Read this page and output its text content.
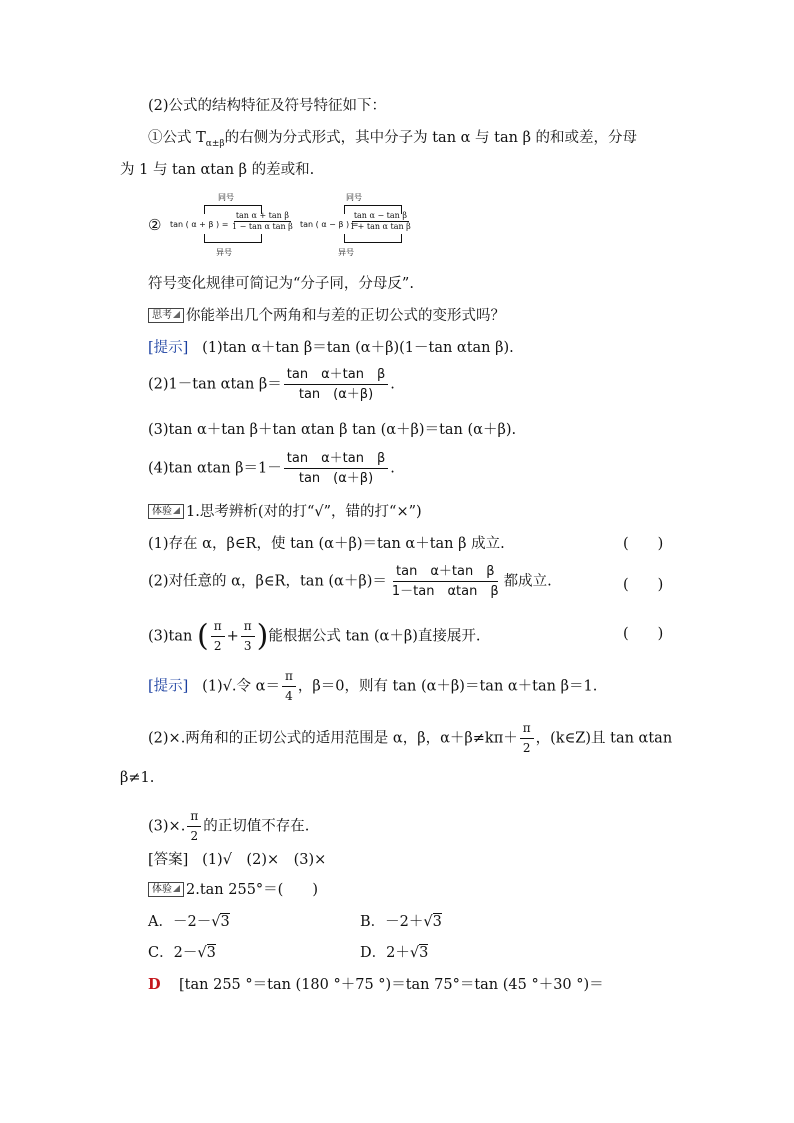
(2)公式的结构特征及符号特征如下：
①公式 $T_{\alpha\pm\beta}$的右侧为分式形式，其中分子为 tan α 与 tan β 的和或差，分母
为 1 与 tan αtan β 的差或和.
②
同号
异号
tan ( α + β ) = $\frac{\text{tan α + tan β}}{\text{1 − tan α tan β}}$
同号
异号
tan ( α − β ) =
$\frac{\text{tan α − tan β}}{\text{1 + tan α tan β}}$
符号变化规律可简记为“分子同，分母反”.
思考 你能举出几个两角和与差的正切公式的变形式吗？
[提示] (1)tan α＋tan β＝tan (α＋β)(1－tan αtan β).
(2)1－tan αtan $\beta= \frac{\text{tan　α＋tan　β}}{\tan (\alpha+\beta)}$ .
(3)tan α＋tan β＋tan αtan β tan (α＋β)＝tan (α＋β).
(4)tan αtan $\beta=1- \frac{\text{tan　α＋tan　β}}{\tan (\alpha+\beta)}$ .
体验 1.思考辨析(对的打“√”，错的打“×”)
(1)存在 α，β∈R，使 tan (α＋β)＝tan α＋tan β 成立.	(　　)
(2)对任意的 α，β∈R，$\tan (\alpha+\beta)= \frac{\text{tan　α＋tan　β}}{\text{1－tan　αtan　β}}$ 都成立.	(　　)
(3)tan ( $\frac{\pi}{2} + \frac{\pi}{3}$ )能根据公式 tan (α＋β)直接展开.	(　　)
[提示] (1)√.令 $\alpha= \frac{\pi}{4}$ ，β＝0，则有 tan (α＋β)＝tan α＋tan β＝1.
(2)×.两角和的正切公式的适用范围是 α，β，$\alpha+\beta\ne k\pi+ \frac{\pi}{2}$ ，(k∈Z)且 tan αtan
β≠1.
(3)×. $\frac{\pi}{2}$ 的正切值不存在.
[答案] (1)√　(2)×　(3)×
体验 2.tan 255°＝(　　)
A．－2－√3	B．－2＋√3
C．2－√3	D．2＋√3
D [tan 255 °＝tan (180 °＋75 °)＝tan 75°＝tan (45 °＋30 °)＝
